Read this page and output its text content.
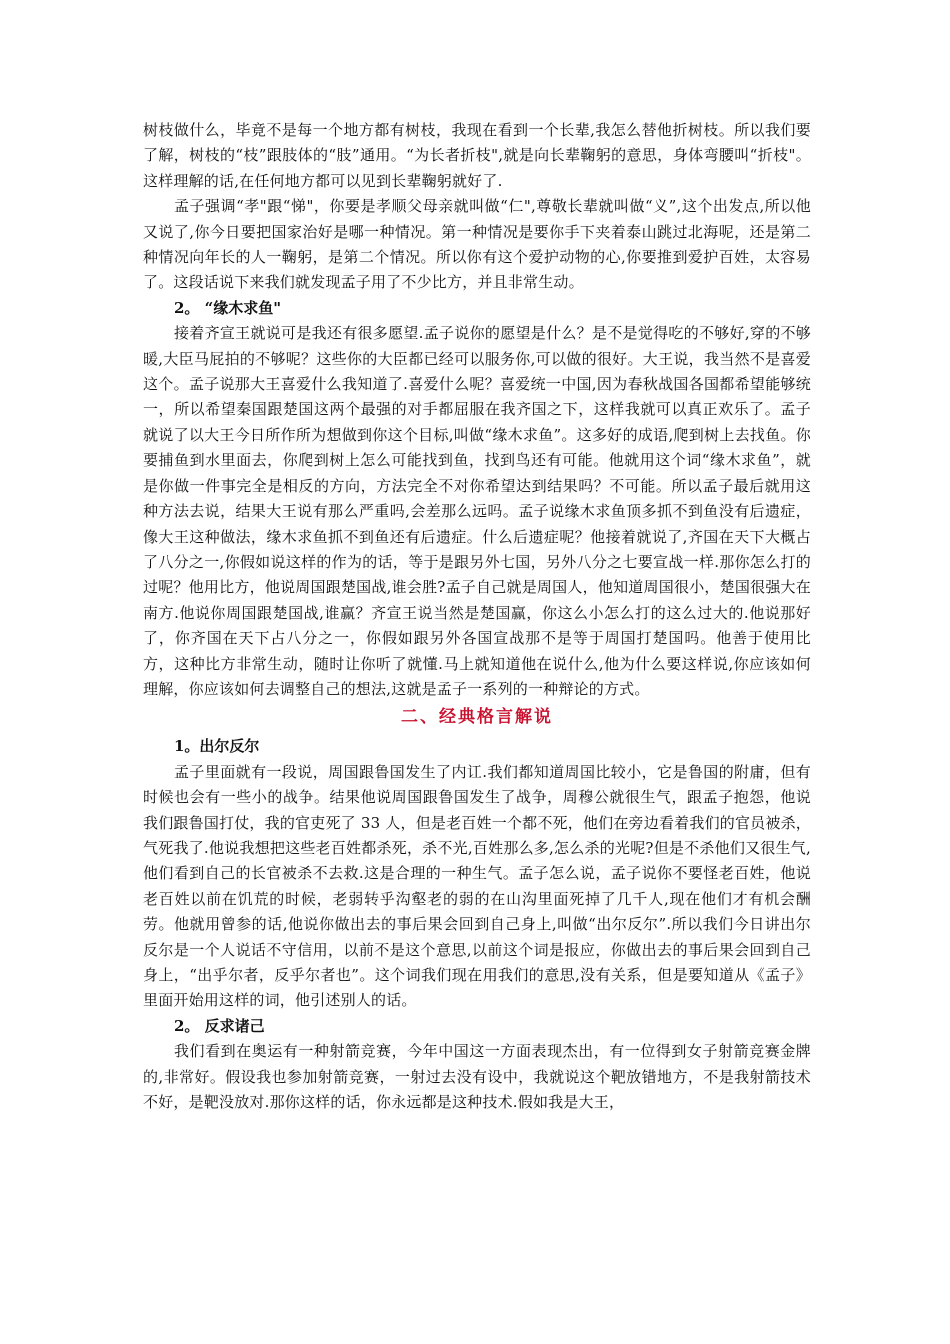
树枝做什么，毕竟不是每一个地方都有树枝，我现在看到一个长辈,我怎么替他折树枝。所以我们要了解，树枝的“枝”跟肢体的“肢”通用。“为长者折枝",就是向长辈鞠躬的意思，身体弯腰叫“折枝"。这样理解的话,在任何地方都可以见到长辈鞠躬就好了.

孟子强调“孝"跟“悌"，你要是孝顺父母亲就叫做“仁",尊敬长辈就叫做“义”,这个出发点,所以他又说了,你今日要把国家治好是哪一种情况。第一种情况是要你手下夹着泰山跳过北海呢，还是第二种情况向年长的人一鞠躬，是第二个情况。所以你有这个爱护动物的心,你要推到爱护百姓，太容易了。这段话说下来我们就发现孟子用了不少比方，并且非常生动。

2。 “缘木求鱼"

接着齐宣王就说可是我还有很多愿望.孟子说你的愿望是什么？是不是觉得吃的不够好,穿的不够暖,大臣马屁拍的不够呢？这些你的大臣都已经可以服务你,可以做的很好。大王说，我当然不是喜爱这个。孟子说那大王喜爱什么我知道了.喜爱什么呢？喜爱统一中国,因为春秋战国各国都希望能够统一，所以希望秦国跟楚国这两个最强的对手都屈服在我齐国之下，这样我就可以真正欢乐了。孟子就说了以大王今日所作所为想做到你这个目标,叫做“缘木求鱼”。这多好的成语,爬到树上去找鱼。你要捕鱼到水里面去，你爬到树上怎么可能找到鱼，找到鸟还有可能。他就用这个词“缘木求鱼”，就是你做一件事完全是相反的方向，方法完全不对你希望达到结果吗？不可能。所以孟子最后就用这种方法去说，结果大王说有那么严重吗,会差那么远吗。孟子说缘木求鱼顶多抓不到鱼没有后遗症，像大王这种做法，缘木求鱼抓不到鱼还有后遗症。什么后遗症呢？他接着就说了,齐国在天下大概占了八分之一,你假如说这样的作为的话，等于是跟另外七国，另外八分之七要宣战一样.那你怎么打的过呢？他用比方，他说周国跟楚国战,谁会胜?孟子自己就是周国人，他知道周国很小，楚国很强大在南方.他说你周国跟楚国战,谁赢？齐宣王说当然是楚国赢，你这么小怎么打的这么过大的.他说那好了，你齐国在天下占八分之一，你假如跟另外各国宣战那不是等于周国打楚国吗。他善于使用比方，这种比方非常生动，随时让你听了就懂.马上就知道他在说什么,他为什么要这样说,你应该如何理解，你应该如何去调整自己的想法,这就是孟子一系列的一种辩论的方式。

二、经典格言解说

1。出尔反尔

孟子里面就有一段说，周国跟鲁国发生了内讧.我们都知道周国比较小，它是鲁国的附庸，但有时候也会有一些小的战争。结果他说周国跟鲁国发生了战争，周穆公就很生气，跟孟子抱怨，他说我们跟鲁国打仗，我的官吏死了 33 人，但是老百姓一个都不死，他们在旁边看着我们的官员被杀，气死我了.他说我想把这些老百姓都杀死，杀不光,百姓那么多,怎么杀的光呢?但是不杀他们又很生气,他们看到自己的长官被杀不去救.这是合理的一种生气。孟子怎么说，孟子说你不要怪老百姓，他说老百姓以前在饥荒的时候，老弱转乎沟壑老的弱的在山沟里面死掉了几千人,现在他们才有机会酬劳。他就用曾参的话,他说你做出去的事后果会回到自己身上,叫做“出尔反尔”.所以我们今日讲出尔反尔是一个人说话不守信用，以前不是这个意思,以前这个词是报应，你做出去的事后果会回到自己身上，“出乎尔者，反乎尔者也”。这个词我们现在用我们的意思,没有关系，但是要知道从《孟子》里面开始用这样的词，他引述别人的话。

2。 反求诸己

我们看到在奥运有一种射箭竞赛，今年中国这一方面表现杰出，有一位得到女子射箭竞赛金牌的,非常好。假设我也参加射箭竞赛，一射过去没有设中，我就说这个靶放错地方，不是我射箭技术不好，是靶没放对.那你这样的话，你永远都是这种技术.假如我是大王，
